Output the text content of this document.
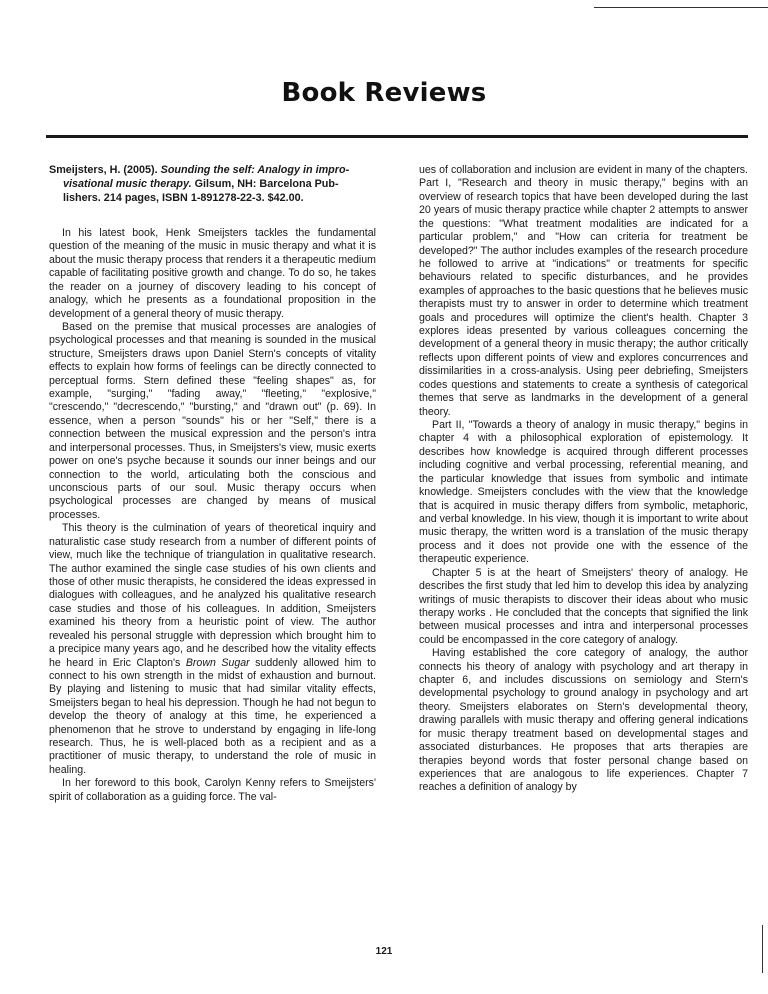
Book Reviews
Smeijsters, H. (2005). Sounding the self: Analogy in impro-
visational music therapy. Gilsum, NH: Barcelona Pub-
lishers. 214 pages, ISBN 1-891278-22-3. $42.00.

In his latest book, Henk Smeijsters tackles the fundamental question of the meaning of the music in music therapy and what it is about the music therapy process that renders it a therapeutic medium capable of facilitating positive growth and change. To do so, he takes the reader on a journey of discovery leading to his concept of analogy, which he presents as a foundational proposition in the development of a general theory of music therapy.

Based on the premise that musical processes are analogies of psychological processes and that meaning is sounded in the musical structure, Smeijsters draws upon Daniel Stern's concepts of vitality effects to explain how forms of feelings can be directly connected to perceptual forms. Stern defined these "feeling shapes" as, for example, "surging," "fading away," "fleeting," "explosive," "crescendo," "decrescendo," "bursting," and "drawn out" (p. 69). In essence, when a person "sounds" his or her "Self," there is a connection between the musical expression and the person's intra and interpersonal processes. Thus, in Smeijsters's view, music exerts power on one's psyche because it sounds our inner beings and our connection to the world, articulating both the conscious and unconscious parts of our soul. Music therapy occurs when psychological processes are changed by means of musical processes.

This theory is the culmination of years of theoretical inquiry and naturalistic case study research from a number of different points of view, much like the technique of triangulation in qualitative research. The author examined the single case studies of his own clients and those of other music therapists, he considered the ideas expressed in dialogues with colleagues, and he analyzed his qualitative research case studies and those of his colleagues. In addition, Smeijsters examined his theory from a heuristic point of view. The author revealed his personal struggle with depression which brought him to a precipice many years ago, and he described how the vitality effects he heard in Eric Clapton's Brown Sugar suddenly allowed him to connect to his own strength in the midst of exhaustion and burnout. By playing and listening to music that had similar vitality effects, Smeijsters began to heal his depression. Though he had not begun to develop the theory of analogy at this time, he experienced a phenomenon that he strove to understand by engaging in life-long research. Thus, he is well-placed both as a recipient and as a practitioner of music therapy, to understand the role of music in healing.

In her foreword to this book, Carolyn Kenny refers to Smeijsters' spirit of collaboration as a guiding force. The val-

ues of collaboration and inclusion are evident in many of the chapters. Part I, "Research and theory in music therapy," begins with an overview of research topics that have been developed during the last 20 years of music therapy practice while chapter 2 attempts to answer the questions: "What treatment modalities are indicated for a particular problem," and "How can criteria for treatment be developed?" The author includes examples of the research procedure he followed to arrive at "indications" or treatments for specific behaviours related to specific disturbances, and he provides examples of approaches to the basic questions that he believes music therapists must try to answer in order to determine which treatment goals and procedures will optimize the client's health. Chapter 3 explores ideas presented by various colleagues concerning the development of a general theory in music therapy; the author critically reflects upon different points of view and explores concurrences and dissimilarities in a cross-analysis. Using peer debriefing, Smeijsters codes questions and statements to create a synthesis of categorical themes that serve as landmarks in the development of a general theory.

Part II, "Towards a theory of analogy in music therapy," begins in chapter 4 with a philosophical exploration of epistemology. It describes how knowledge is acquired through different processes including cognitive and verbal processing, referential meaning, and the particular knowledge that issues from symbolic and intimate knowledge. Smeijsters concludes with the view that the knowledge that is acquired in music therapy differs from symbolic, metaphoric, and verbal knowledge. In his view, though it is important to write about music therapy, the written word is a translation of the music therapy process and it does not provide one with the essence of the therapeutic experience.

Chapter 5 is at the heart of Smeijsters' theory of analogy. He describes the first study that led him to develop this idea by analyzing writings of music therapists to discover their ideas about who music therapy works . He concluded that the concepts that signified the link between musical processes and intra and interpersonal processes could be encompassed in the core category of analogy.

Having established the core category of analogy, the author connects his theory of analogy with psychology and art therapy in chapter 6, and includes discussions on semiology and Stern's developmental psychology to ground analogy in psychology and art theory. Smeijsters elaborates on Stern's developmental theory, drawing parallels with music therapy and offering general indications for music therapy treatment based on developmental stages and associated disturbances. He proposes that arts therapies are therapies beyond words that foster personal change based on experiences that are analogous to life experiences. Chapter 7 reaches a definition of analogy by

121
